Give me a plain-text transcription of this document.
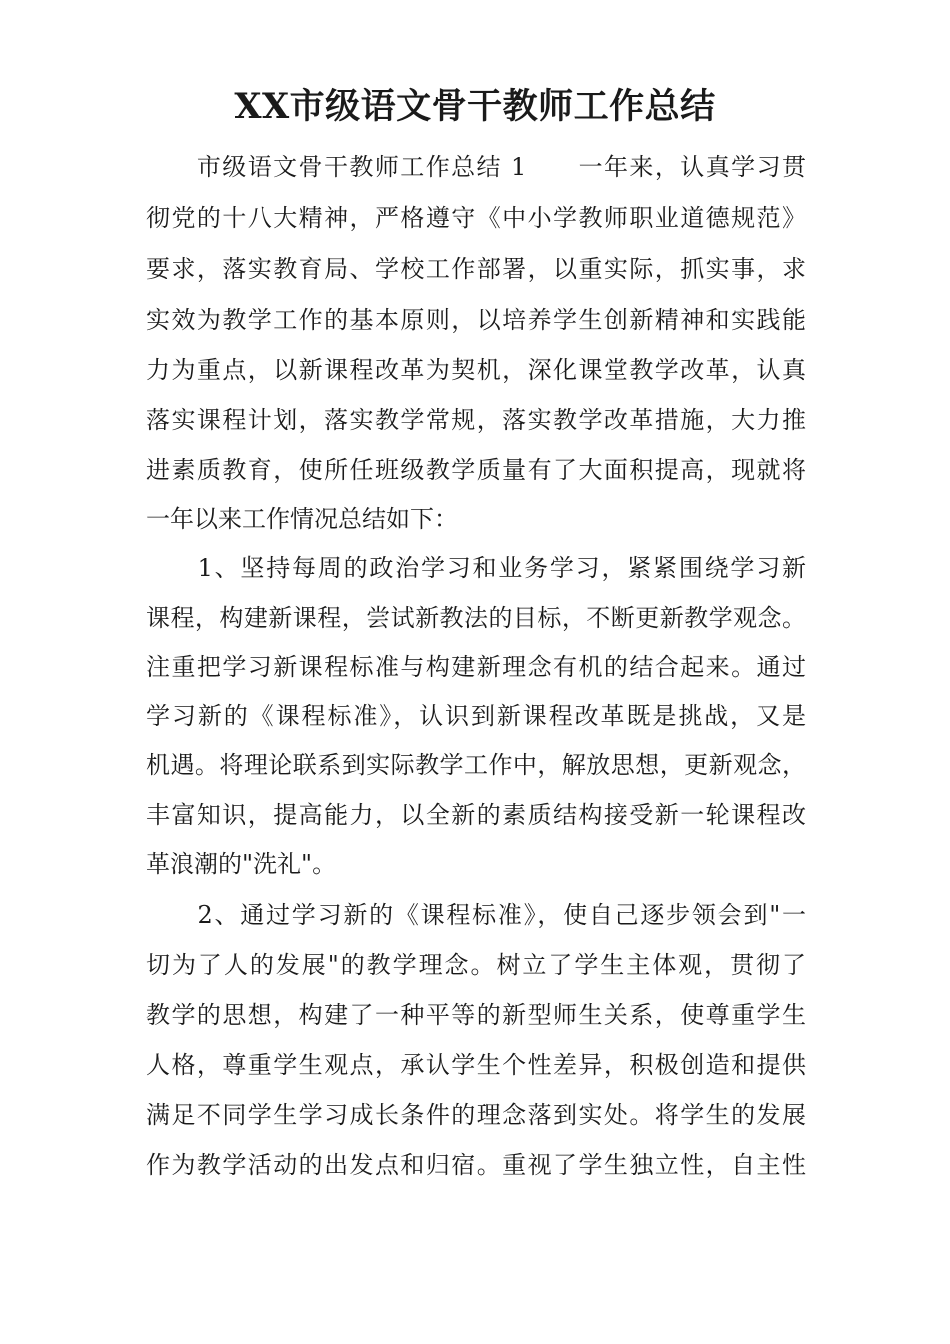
XX市级语文骨干教师工作总结
　　市级语文骨干教师工作总结 1　　一年来，认真学习贯
彻党的十八大精神，严格遵守《中小学教师职业道德规范》
要求，落实教育局、学校工作部署，以重实际，抓实事，求
实效为教学工作的基本原则，以培养学生创新精神和实践能
力为重点，以新课程改革为契机，深化课堂教学改革，认真
落实课程计划，落实教学常规，落实教学改革措施，大力推
进素质教育，使所任班级教学质量有了大面积提高，现就将
一年以来工作情况总结如下：
　　1、坚持每周的政治学习和业务学习，紧紧围绕学习新
课程，构建新课程，尝试新教法的目标，不断更新教学观念。
注重把学习新课程标准与构建新理念有机的结合起来。通过
学习新的《课程标准》，认识到新课程改革既是挑战，又是
机遇。将理论联系到实际教学工作中，解放思想，更新观念，
丰富知识，提高能力，以全新的素质结构接受新一轮课程改
革浪潮的"洗礼"。
　　2、通过学习新的《课程标准》，使自己逐步领会到"一
切为了人的发展"的教学理念。树立了学生主体观，贯彻了
教学的思想，构建了一种平等的新型师生关系，使尊重学生
人格，尊重学生观点，承认学生个性差异，积极创造和提供
满足不同学生学习成长条件的理念落到实处。将学生的发展
作为教学活动的出发点和归宿。重视了学生独立性，自主性
